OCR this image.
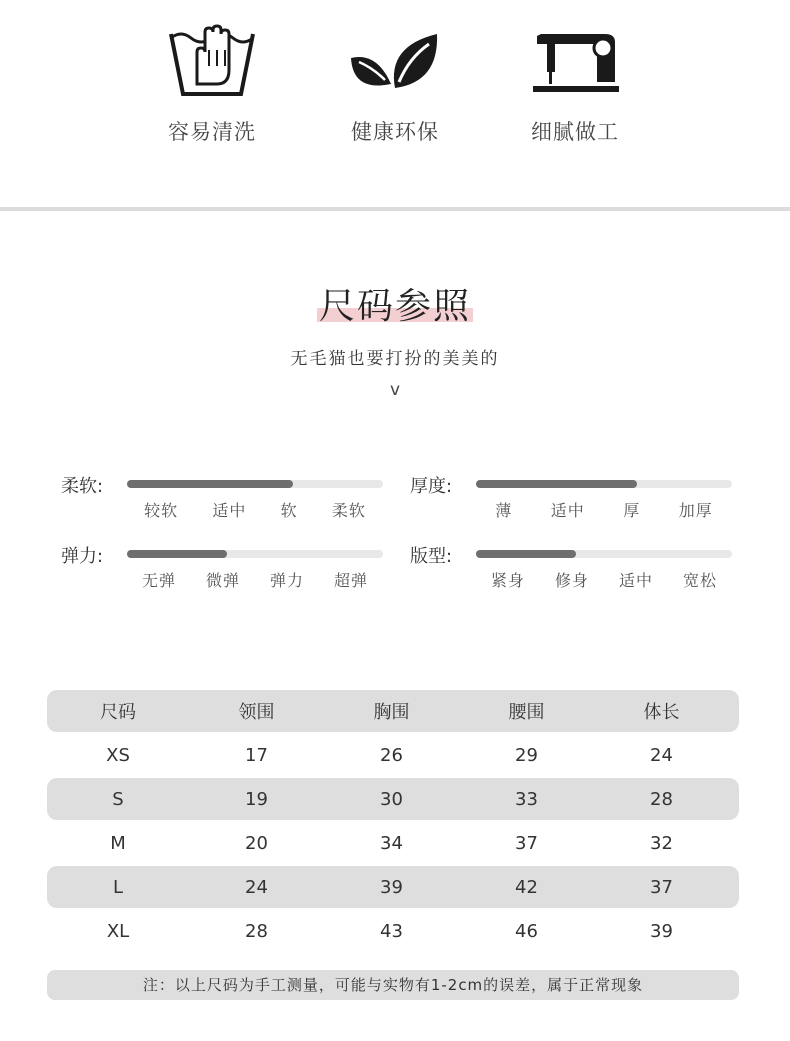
容易清洗	健康环保	细腻做工
尺码参照
无毛猫也要打扮的美美的
v
柔软:
较软 适中 软 柔软
厚度:
薄 适中 厚 加厚
弹力:
无弹 微弹 弹力 超弹
版型:
紧身 修身 适中 宽松
尺码	领围	胸围	腰围	体长
XS	17	26	29	24
S	19	30	33	28
M	20	34	37	32
L	24	39	42	37
XL	28	43	46	39
注：以上尺码为手工测量，可能与实物有1-2cm的误差，属于正常现象
